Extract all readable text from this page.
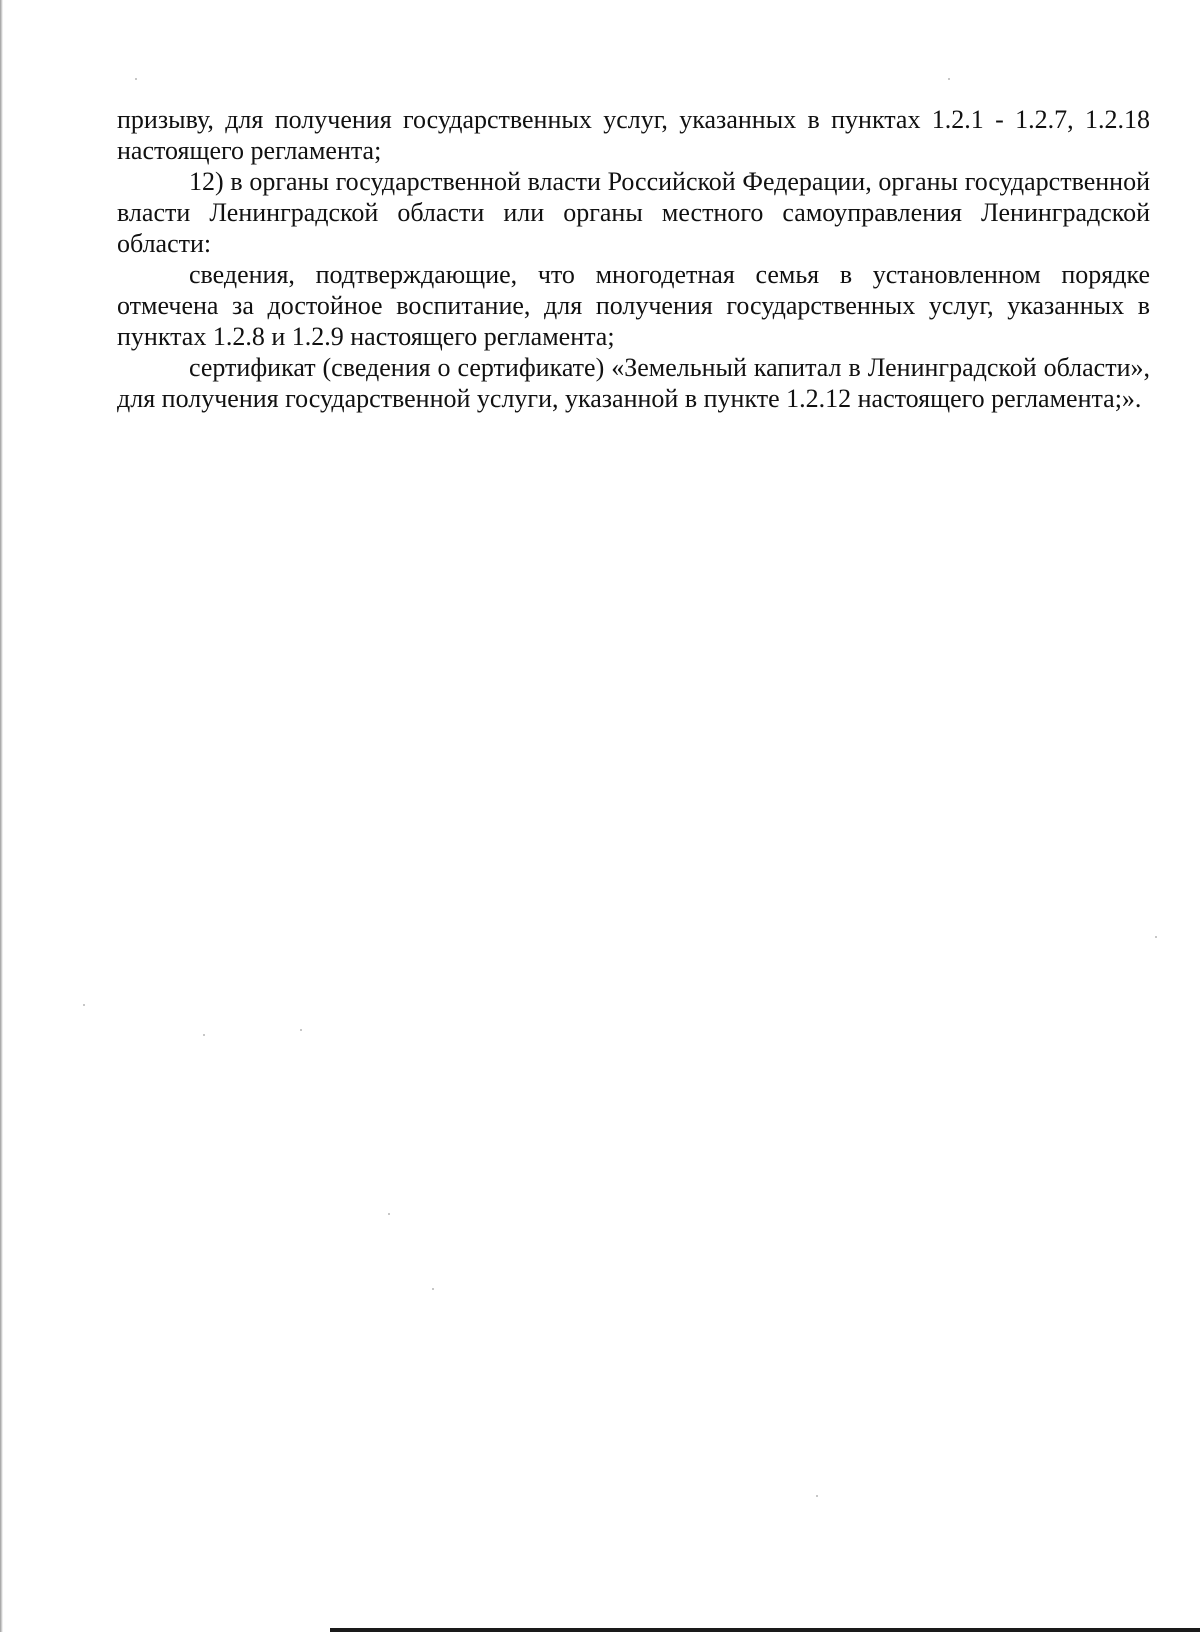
призыву, для получения государственных услуг, указанных в пунктах 1.2.1 - 1.2.7, 1.2.18 настоящего регламента;

12) в органы государственной власти Российской Федерации, органы государственной власти Ленинградской области или органы местного самоуправления Ленинградской области:

сведения, подтверждающие, что многодетная семья в установленном порядке отмечена за достойное воспитание, для получения государственных услуг, указанных в пунктах 1.2.8 и 1.2.9 настоящего регламента;

сертификат (сведения о сертификате) «Земельный капитал в Ленинградской области», для получения государственной услуги, указанной в пункте 1.2.12 настоящего регламента;».
